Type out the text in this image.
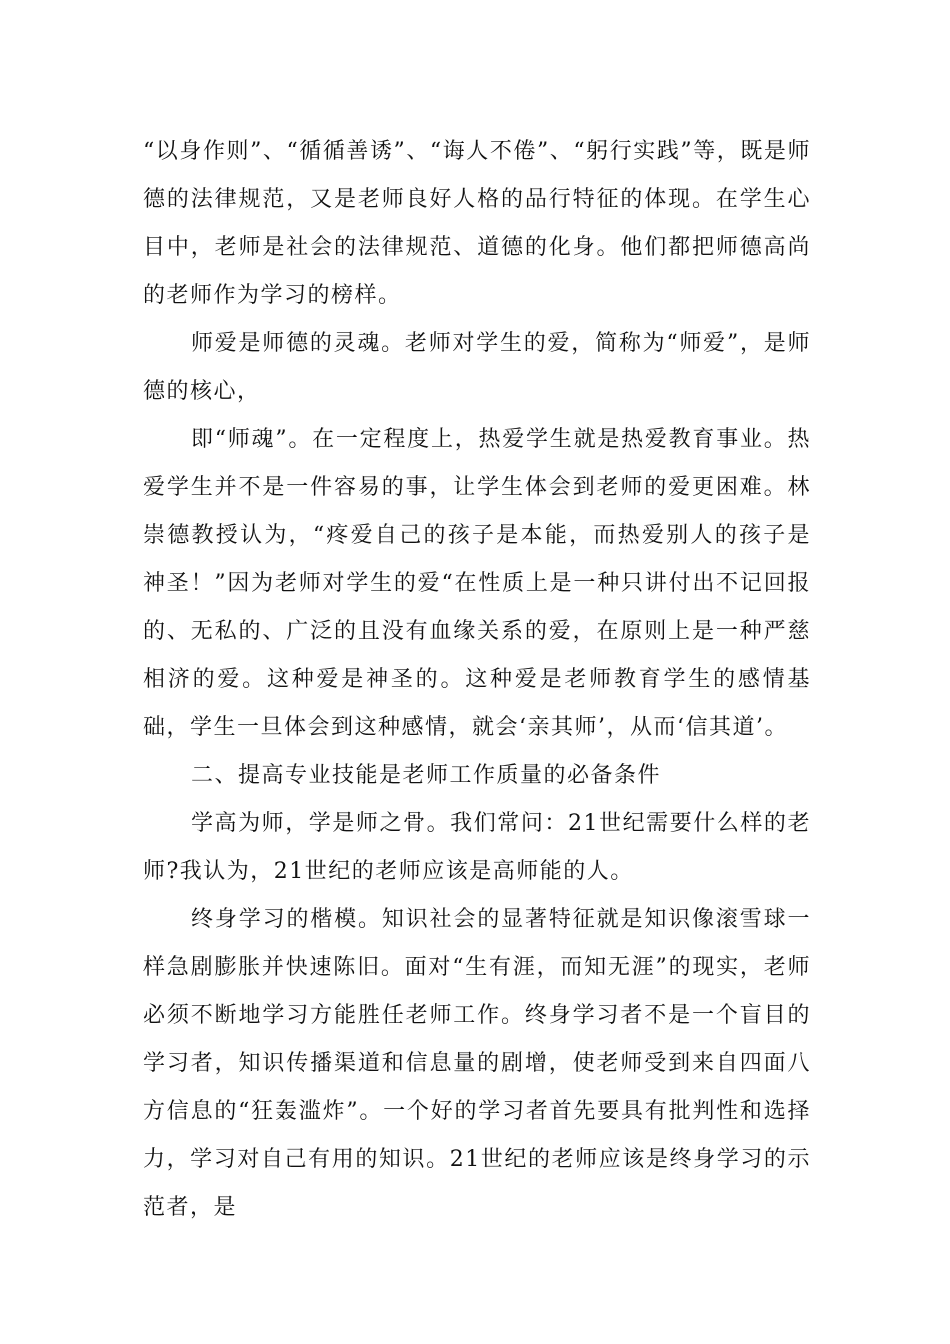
“以身作则”、“循循善诱”、“诲人不倦”、“躬行实践”等，既是师德的法律规范，又是老师良好人格的品行特征的体现。在学生心目中，老师是社会的法律规范、道德的化身。他们都把师德高尚的老师作为学习的榜样。

师爱是师德的灵魂。老师对学生的爱，简称为“师爱”，是师德的核心，

即“师魂”。在一定程度上，热爱学生就是热爱教育事业。热爱学生并不是一件容易的事，让学生体会到老师的爱更困难。林崇德教授认为，“疼爱自己的孩子是本能，而热爱别人的孩子是神圣！”因为老师对学生的爱“在性质上是一种只讲付出不记回报的、无私的、广泛的且没有血缘关系的爱，在原则上是一种严慈相济的爱。这种爱是神圣的。这种爱是老师教育学生的感情基础，学生一旦体会到这种感情，就会‘亲其师’，从而‘信其道’。

二、提高专业技能是老师工作质量的必备条件

学高为师，学是师之骨。我们常问：21世纪需要什么样的老师?我认为，21世纪的老师应该是高师能的人。

终身学习的楷模。知识社会的显著特征就是知识像滚雪球一样急剧膨胀并快速陈旧。面对“生有涯，而知无涯”的现实，老师必须不断地学习方能胜任老师工作。终身学习者不是一个盲目的学习者，知识传播渠道和信息量的剧增，使老师受到来自四面八方信息的“狂轰滥炸”。一个好的学习者首先要具有批判性和选择力，学习对自己有用的知识。21世纪的老师应该是终身学习的示范者，是
